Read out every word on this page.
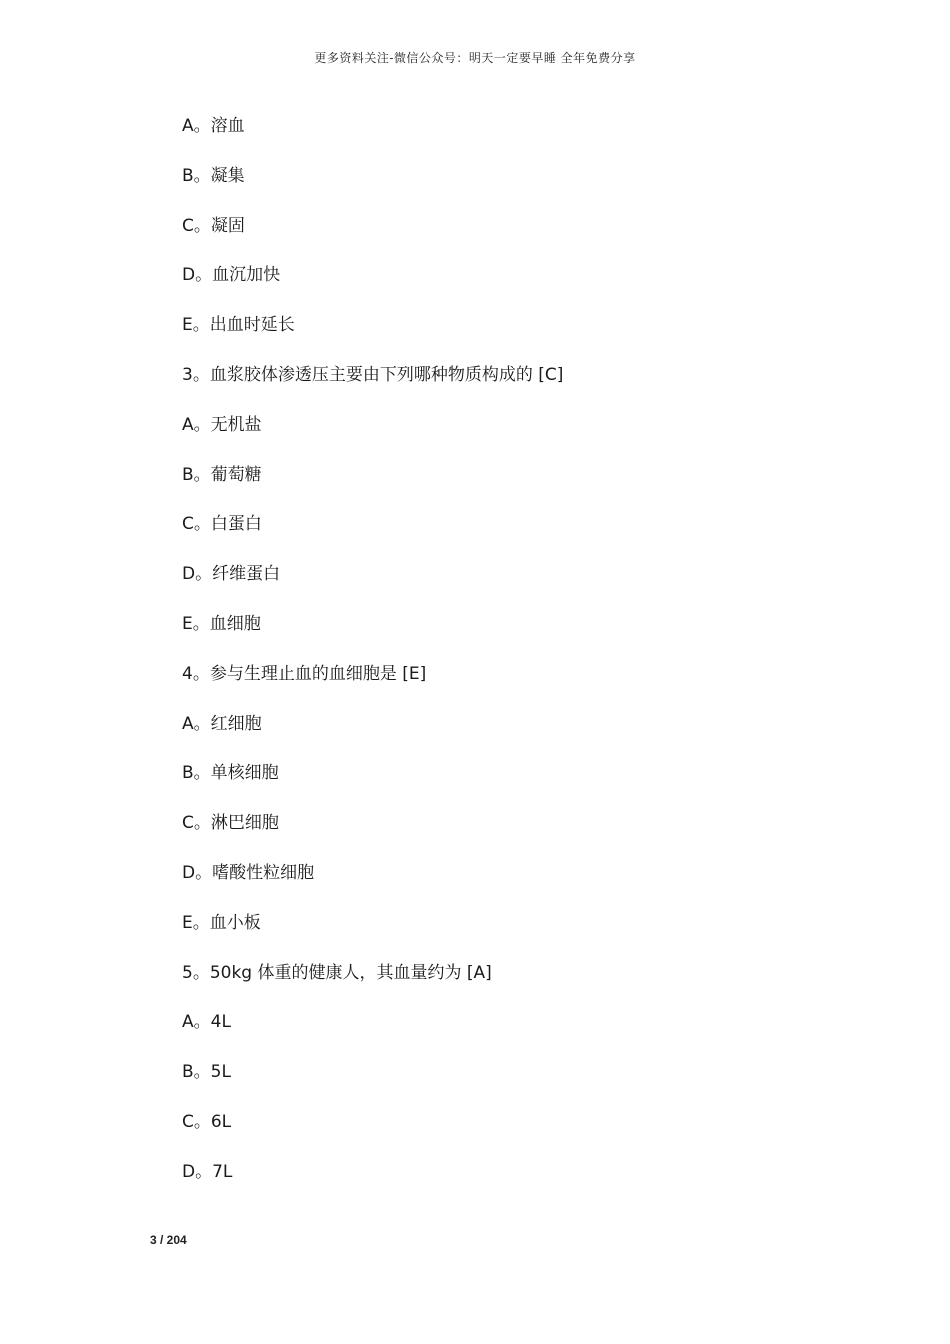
更多资料关注-微信公众号：明天一定要早睡 全年免费分享
A。溶血
B。凝集
C。凝固
D。血沉加快
E。出血时延长
3。血浆胶体渗透压主要由下列哪种物质构成的 [C]
A。无机盐
B。葡萄糖
C。白蛋白
D。纤维蛋白
E。血细胞
4。参与生理止血的血细胞是 [E]
A。红细胞
B。单核细胞
C。淋巴细胞
D。嗜酸性粒细胞
E。血小板
5。50kg 体重的健康人，其血量约为 [A]
A。4L
B。5L
C。6L
D。7L
3 / 204
